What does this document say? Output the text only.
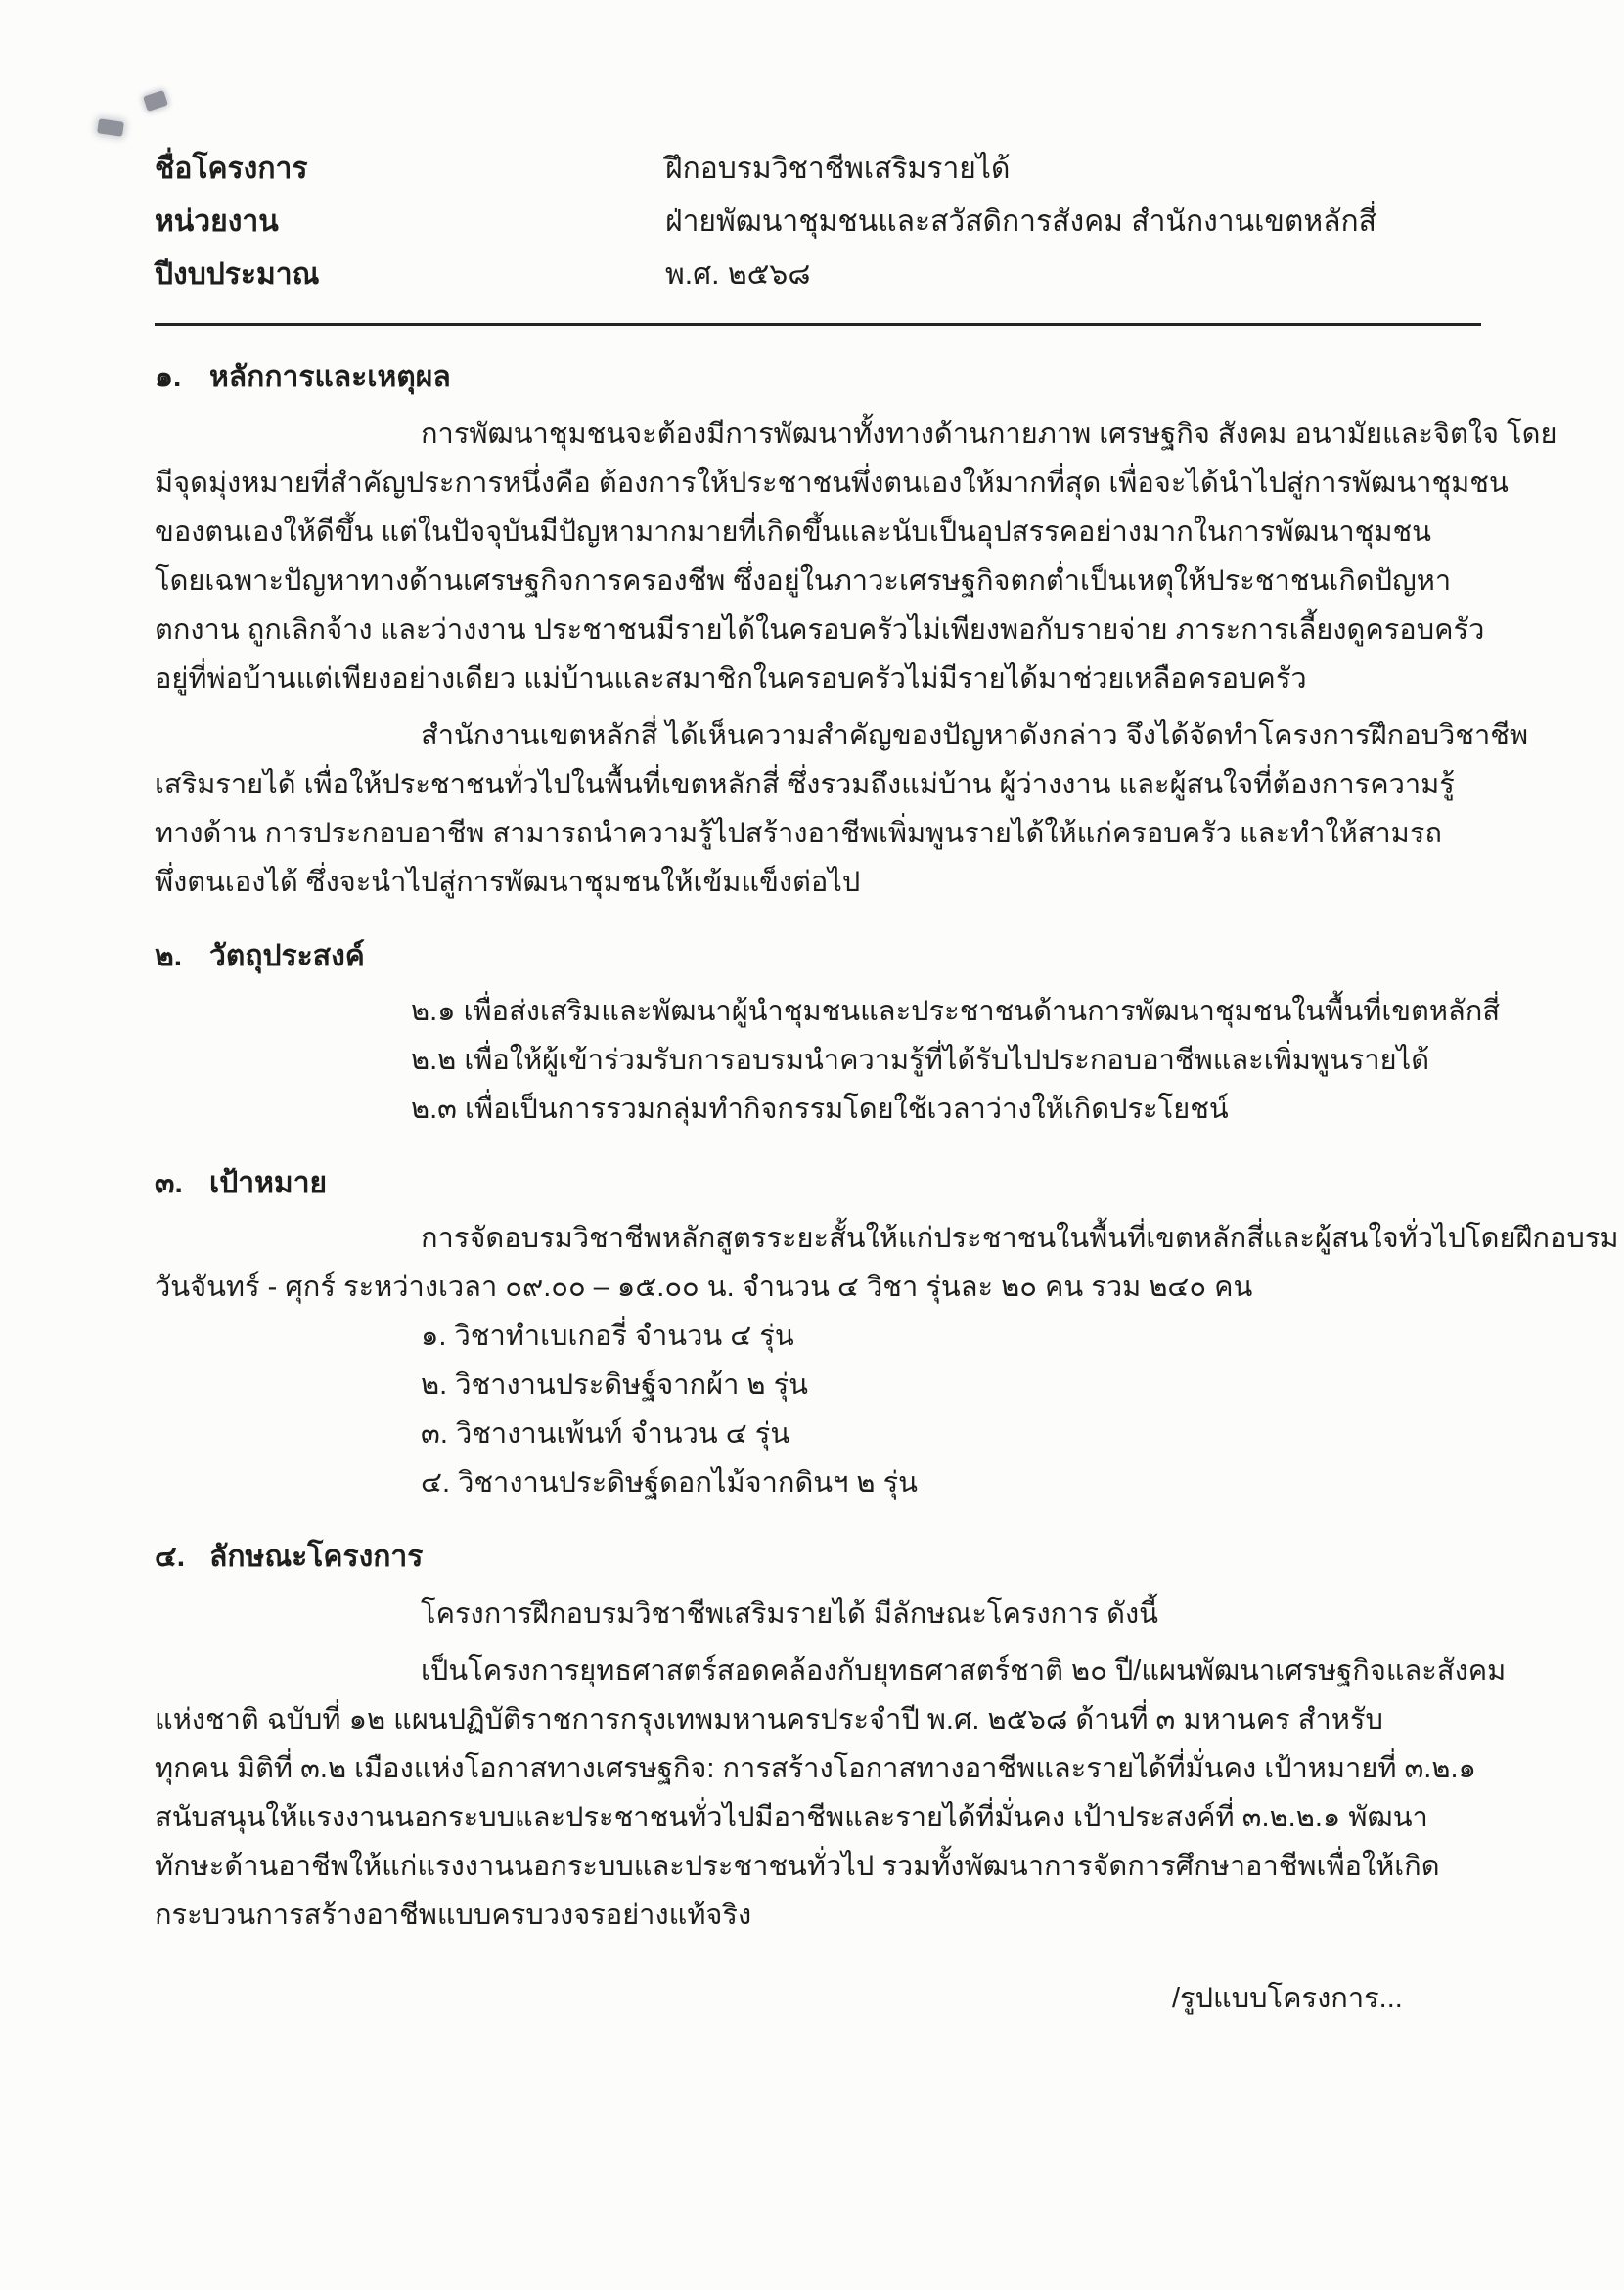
ชื่อโครงการ	ฝึกอบรมวิชาชีพเสริมรายได้
หน่วยงาน	ฝ่ายพัฒนาชุมชนและสวัสดิการสังคม สำนักงานเขตหลักสี่
ปีงบประมาณ	พ.ศ. ๒๕๖๘
๑. หลักการและเหตุผล
การพัฒนาชุมชนจะต้องมีการพัฒนาทั้งทางด้านกายภาพ เศรษฐกิจ สังคม อนามัยและจิตใจ โดย
มีจุดมุ่งหมายที่สำคัญประการหนึ่งคือ ต้องการให้ประชาชนพึ่งตนเองให้มากที่สุด เพื่อจะได้นำไปสู่การพัฒนาชุมชน
ของตนเองให้ดีขึ้น แต่ในปัจจุบันมีปัญหามากมายที่เกิดขึ้นและนับเป็นอุปสรรคอย่างมากในการพัฒนาชุมชน
โดยเฉพาะปัญหาทางด้านเศรษฐกิจการครองชีพ ซึ่งอยู่ในภาวะเศรษฐกิจตกต่ำเป็นเหตุให้ประชาชนเกิดปัญหา
ตกงาน ถูกเลิกจ้าง และว่างงาน ประชาชนมีรายได้ในครอบครัวไม่เพียงพอกับรายจ่าย ภาระการเลี้ยงดูครอบครัว
อยู่ที่พ่อบ้านแต่เพียงอย่างเดียว แม่บ้านและสมาชิกในครอบครัวไม่มีรายได้มาช่วยเหลือครอบครัว
สำนักงานเขตหลักสี่ ได้เห็นความสำคัญของปัญหาดังกล่าว จึงได้จัดทำโครงการฝึกอบวิชาชีพ
เสริมรายได้ เพื่อให้ประชาชนทั่วไปในพื้นที่เขตหลักสี่ ซึ่งรวมถึงแม่บ้าน ผู้ว่างงาน และผู้สนใจที่ต้องการความรู้
ทางด้าน การประกอบอาชีพ สามารถนำความรู้ไปสร้างอาชีพเพิ่มพูนรายได้ให้แก่ครอบครัว และทำให้สามรถ
พึ่งตนเองได้ ซึ่งจะนำไปสู่การพัฒนาชุมชนให้เข้มแข็งต่อไป
๒. วัตถุประสงค์
๒.๑ เพื่อส่งเสริมและพัฒนาผู้นำชุมชนและประชาชนด้านการพัฒนาชุมชนในพื้นที่เขตหลักสี่
๒.๒ เพื่อให้ผู้เข้าร่วมรับการอบรมนำความรู้ที่ได้รับไปประกอบอาชีพและเพิ่มพูนรายได้
๒.๓ เพื่อเป็นการรวมกลุ่มทำกิจกรรมโดยใช้เวลาว่างให้เกิดประโยชน์
๓. เป้าหมาย
การจัดอบรมวิชาชีพหลักสูตรระยะสั้นให้แก่ประชาชนในพื้นที่เขตหลักสี่และผู้สนใจทั่วไปโดยฝึกอบรม
วันจันทร์ - ศุกร์ ระหว่างเวลา ๐๙.๐๐ – ๑๕.๐๐ น. จำนวน ๔ วิชา รุ่นละ ๒๐ คน รวม ๒๔๐ คน
๑. วิชาทำเบเกอรี่ จำนวน ๔ รุ่น
๒. วิชางานประดิษฐ์จากผ้า ๒ รุ่น
๓. วิชางานเพ้นท์ จำนวน ๔ รุ่น
๔. วิชางานประดิษฐ์ดอกไม้จากดินฯ ๒ รุ่น
๔. ลักษณะโครงการ
โครงการฝึกอบรมวิชาชีพเสริมรายได้ มีลักษณะโครงการ ดังนี้
เป็นโครงการยุทธศาสตร์สอดคล้องกับยุทธศาสตร์ชาติ ๒๐ ปี/แผนพัฒนาเศรษฐกิจและสังคม
แห่งชาติ ฉบับที่ ๑๒ แผนปฏิบัติราชการกรุงเทพมหานครประจำปี พ.ศ. ๒๕๖๘ ด้านที่ ๓ มหานคร สำหรับ
ทุกคน มิติที่ ๓.๒ เมืองแห่งโอกาสทางเศรษฐกิจ: การสร้างโอกาสทางอาชีพและรายได้ที่มั่นคง เป้าหมายที่ ๓.๒.๑
สนับสนุนให้แรงงานนอกระบบและประชาชนทั่วไปมีอาชีพและรายได้ที่มั่นคง เป้าประสงค์ที่ ๓.๒.๒.๑ พัฒนา
ทักษะด้านอาชีพให้แก่แรงงานนอกระบบและประชาชนทั่วไป รวมทั้งพัฒนาการจัดการศึกษาอาชีพเพื่อให้เกิด
กระบวนการสร้างอาชีพแบบครบวงจรอย่างแท้จริง
/รูปแบบโครงการ...
